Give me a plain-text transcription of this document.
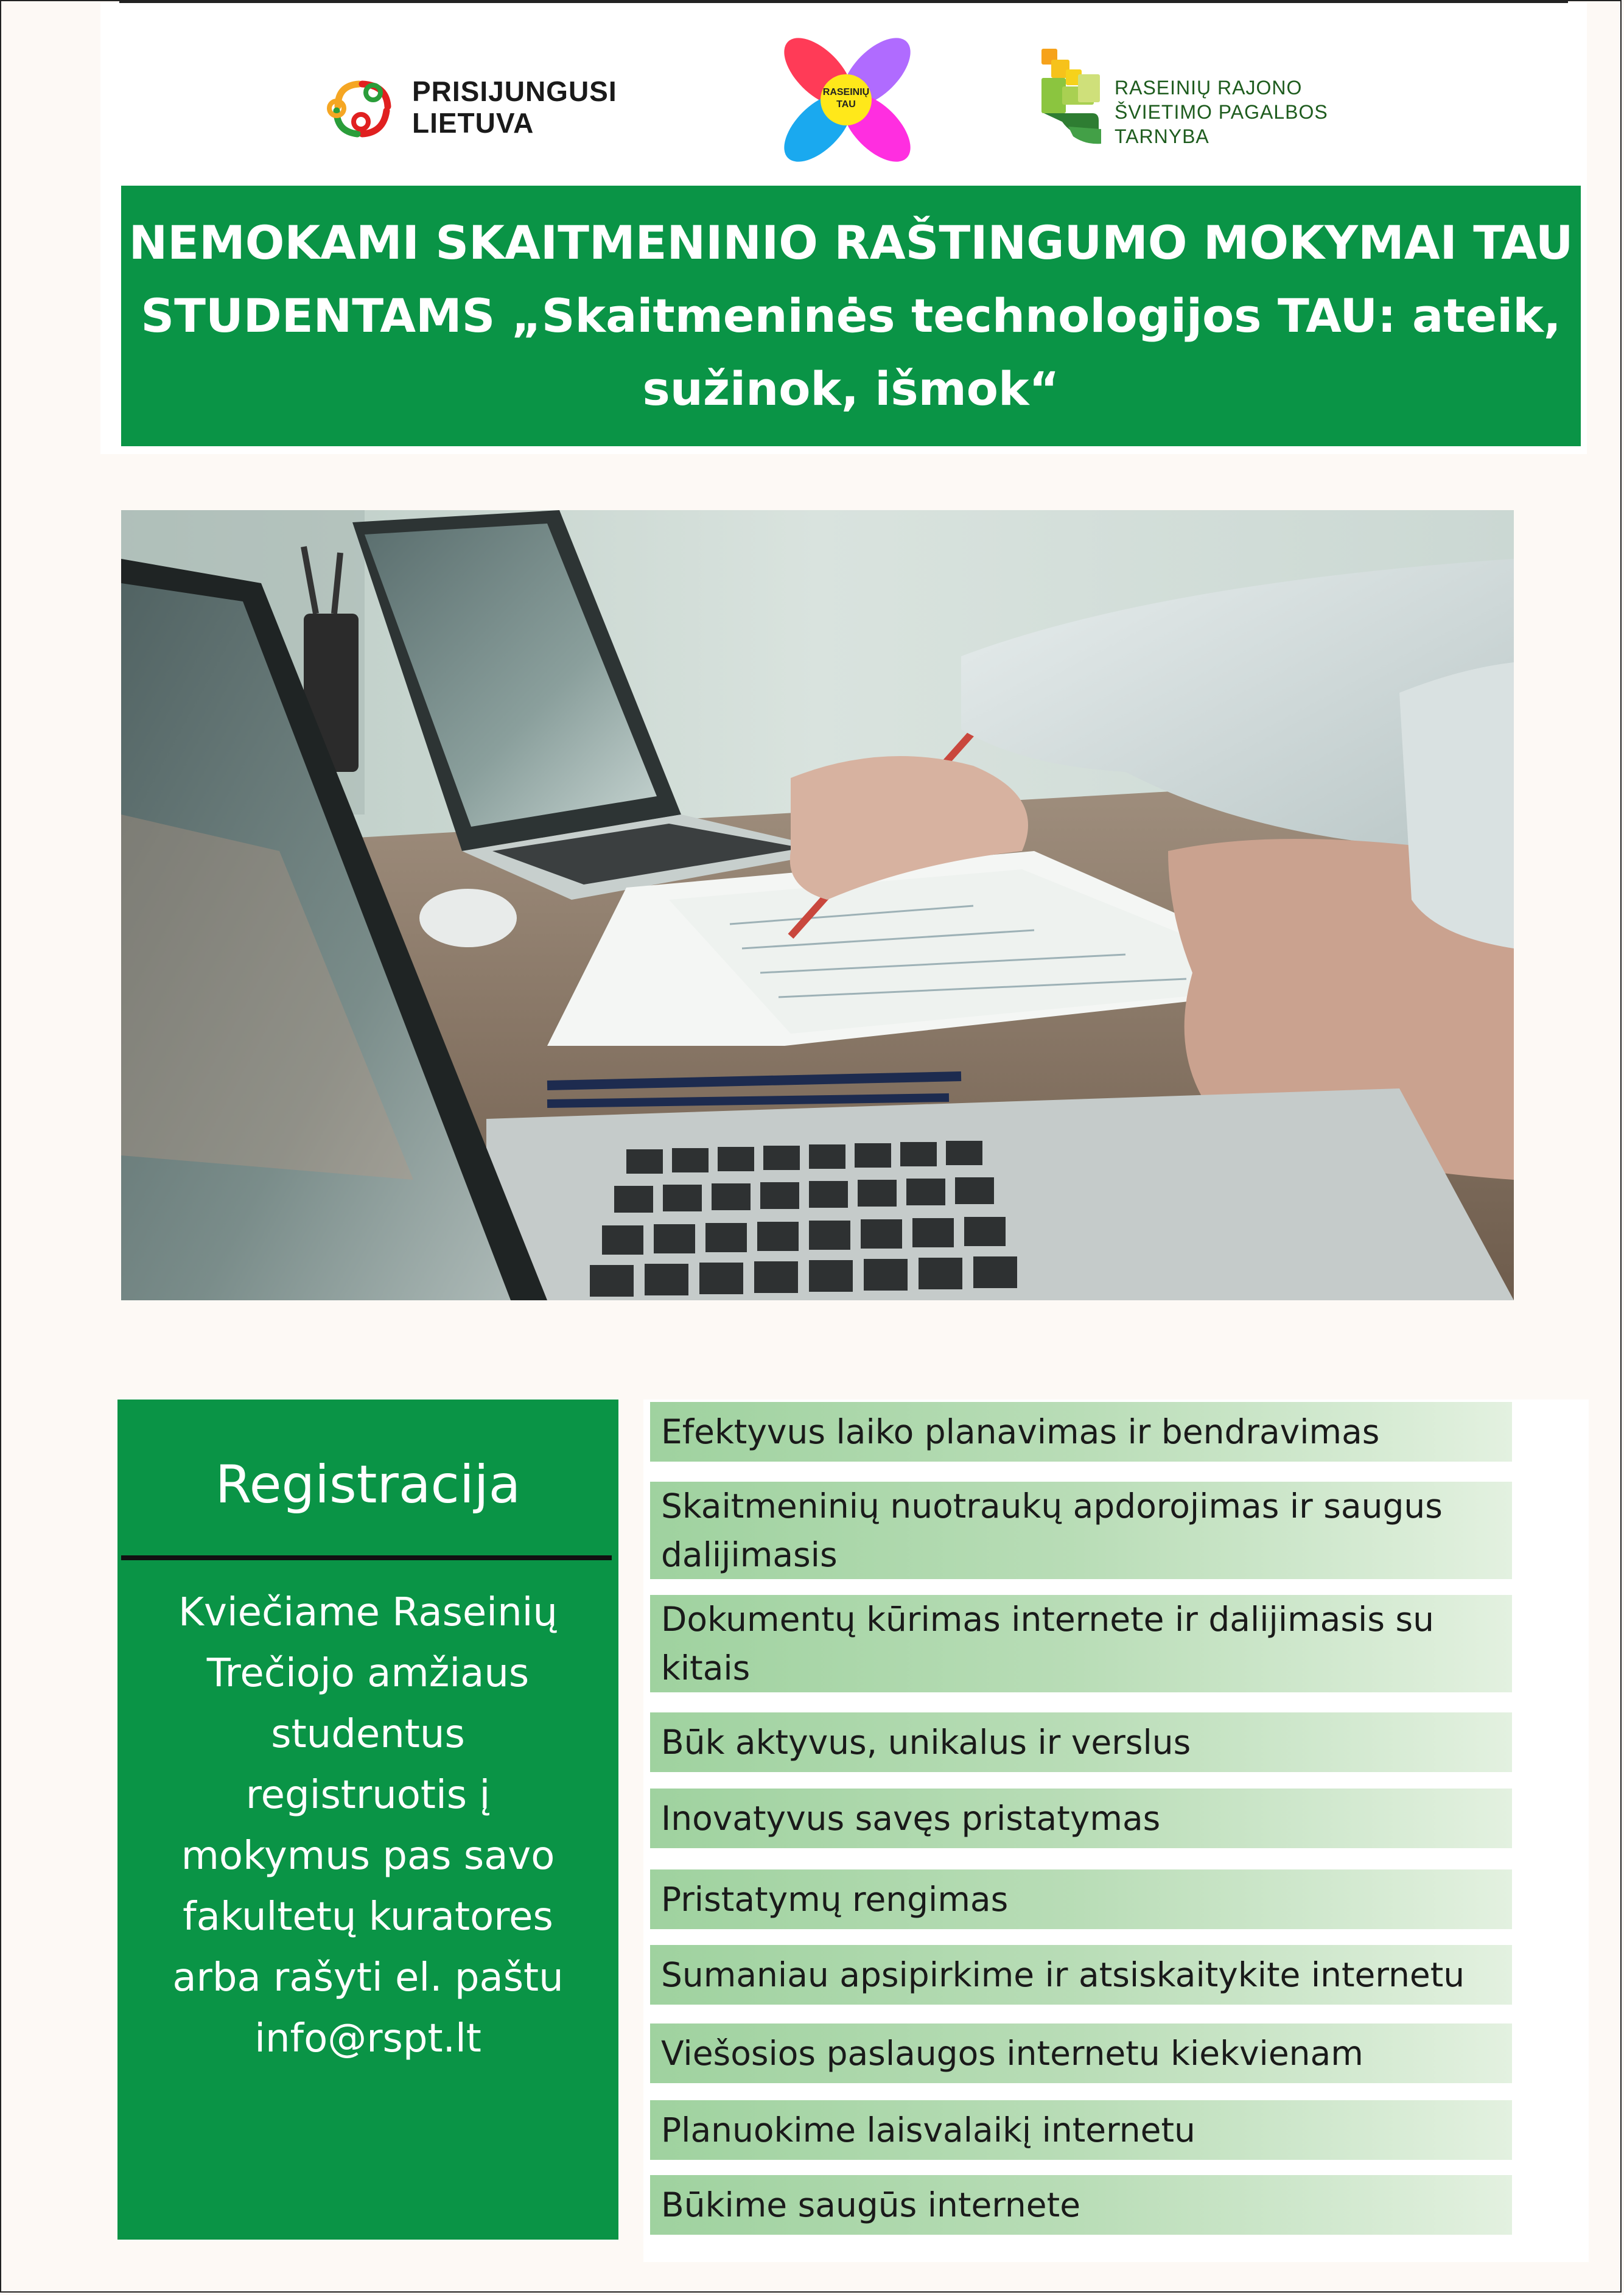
PRISIJUNGUSI
LIETUVA
RASEINIŲ
TAU
RASEINIŲ RAJONO
ŠVIETIMO PAGALBOS
TARNYBA
NEMOKAMI SKAITMENINIO RAŠTINGUMO MOKYMAI TAU
STUDENTAMS „Skaitmeninės technologijos TAU: ateik,
sužinok, išmok“
Registracija
Kviečiame Raseinių
Trečiojo amžiaus
studentus
registruotis į
mokymus pas savo
fakultetų kuratores
arba rašyti el. paštu
info@rspt.lt
Efektyvus laiko planavimas ir bendravimas
Skaitmeninių nuotraukų apdorojimas ir saugus
dalijimasis
Dokumentų kūrimas internete ir dalijimasis su
kitais
Būk aktyvus, unikalus ir verslus
Inovatyvus savęs pristatymas
Pristatymų rengimas
Sumaniau apsipirkime ir atsiskaitykite internetu
Viešosios paslaugos internetu kiekvienam
Planuokime laisvalaikį internetu
Būkime saugūs internete
